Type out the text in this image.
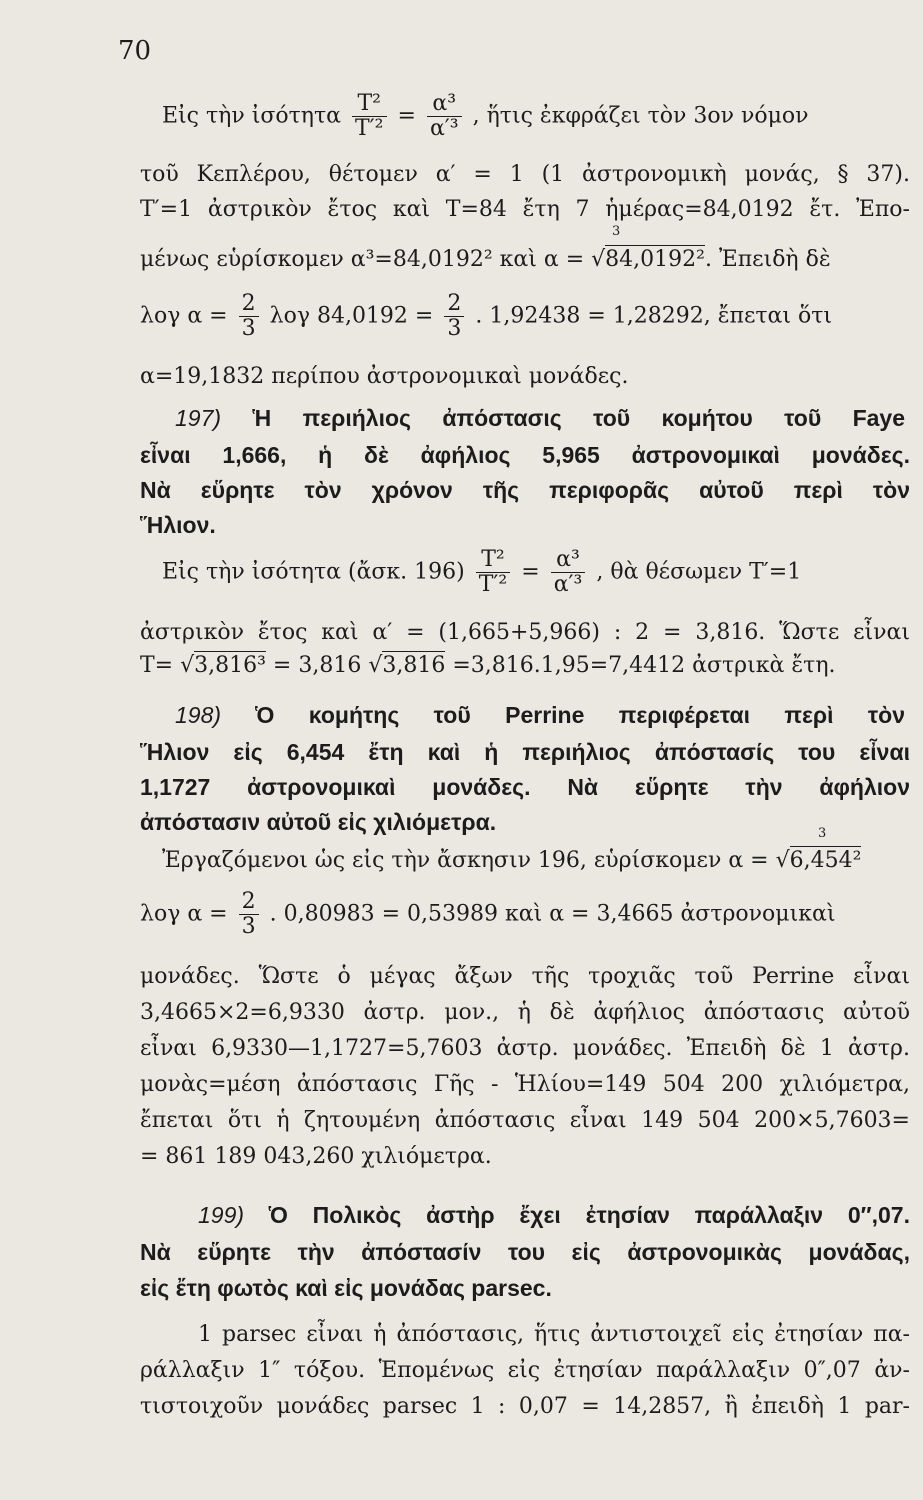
70
Εἰς τὴν ἰσότητα $\frac{\text{T²}}{\text{T′²}} = \frac{\text{α³}}{\text{α′³}}$ , ἥτις ἐκφράζει τὸν 3ον νόμον
τοῦ Κεπλέρου, θέτομεν α′ = 1 (1 ἀστρονομικὴ μονάς, § 37).
T′=1 ἀστρικὸν ἔτος καὶ T=84 ἔτη 7 ἡμέρας=84,0192 ἔτ. Ἐπο-
3
μένως εὑρίσκομεν α³=84,0192² καὶ α = √84,0192². Ἐπειδὴ δὲ
λογ $\alpha = \frac{2}{3}$ λογ $84,0192 = \frac{2}{3}$ . 1,92438 = 1,28292, ἔπεται ὅτι
α=19,1832 περίπου ἀστρονομικαὶ μονάδες.
197) Ἡ περιήλιος ἀπόστασις τοῦ κομήτου τοῦ Faye
εἶναι 1,666, ἡ δὲ ἀφήλιος 5,965 ἀστρονομικαὶ μονάδες.
Νὰ εὕρητε τὸν χρόνον τῆς περιφορᾶς αὐτοῦ περὶ τὸν
Ἥλιον.
Εἰς τὴν ἰσότητα (ἄσκ. $196) \frac{\text{T²}}{\text{T′²}} = \frac{\text{α³}}{\text{α′³}}$ , θὰ θέσωμεν T′=1
ἀστρικὸν ἔτος καὶ α′ = (1,665+5,966) : 2 = 3,816. Ὥστε εἶναι
T= √3,816³ = 3,816 √3,816 =3,816.1,95=7,4412 ἀστρικὰ ἔτη.
198) Ὁ κομήτης τοῦ Perrine περιφέρεται περὶ τὸν
Ἥλιον εἰς 6,454 ἔτη καὶ ἡ περιήλιος ἀπόστασίς του εἶναι
1,1727 ἀστρονομικαὶ μονάδες. Νὰ εὕρητε τὴν ἀφήλιον
ἀπόστασιν αὐτοῦ εἰς χιλιόμετρα.	3
Ἐργαζόμενοι ὡς εἰς τὴν ἄσκησιν 196, εὑρίσκομεν α = √6,454²
λογ $\alpha = \frac{2}{3}$ . 0,80983 = 0,53989 καὶ α = 3,4665 ἀστρονομικαὶ
μονάδες. Ὥστε ὁ μέγας ἄξων τῆς τροχιᾶς τοῦ Perrine εἶναι
3,4665×2=6,9330 ἀστρ. μον., ἡ δὲ ἀφήλιος ἀπόστασις αὐτοῦ
εἶναι 6,9330—1,1727=5,7603 ἀστρ. μονάδες. Ἐπειδὴ δὲ 1 ἀστρ.
μονὰς=μέση ἀπόστασις Γῆς - Ἡλίου=149 504 200 χιλιόμετρα,
ἔπεται ὅτι ἡ ζητουμένη ἀπόστασις εἶναι 149 504 200×5,7603=
= 861 189 043,260 χιλιόμετρα.
199) Ὁ Πολικὸς ἀστὴρ ἔχει ἐτησίαν παράλλαξιν 0″,07.
Νὰ εὕρητε τὴν ἀπόστασίν του εἰς ἀστρονομικὰς μονάδας,
εἰς ἔτη φωτὸς καὶ εἰς μονάδας parsec.
1 parsec εἶναι ἡ ἀπόστασις, ἥτις ἀντιστοιχεῖ εἰς ἐτησίαν πα-
ράλλαξιν 1″ τόξου. Ἑπομένως εἰς ἐτησίαν παράλλαξιν 0″,07 ἀν-
τιστοιχοῦν μονάδες parsec 1 : 0,07 = 14,2857, ἢ ἐπειδὴ 1 par-
